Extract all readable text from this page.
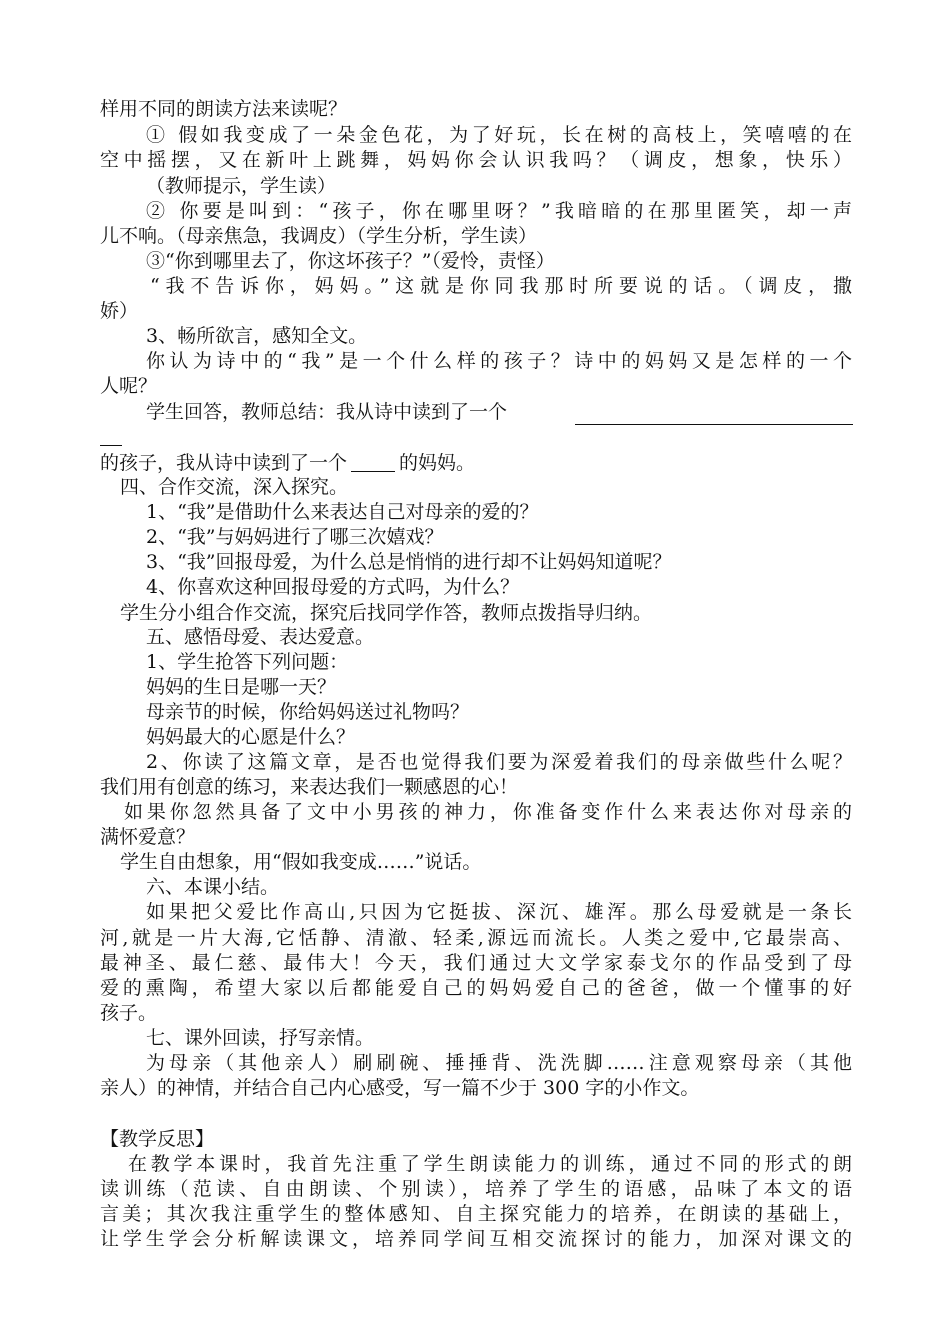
样用不同的朗读方法来读呢？
① 假如我变成了一朵金色花，为了好玩，长在树的高枝上，笑嘻嘻的在
空中摇摆，又在新叶上跳舞，妈妈你会认识我吗？（调皮，想象，快乐）
（教师提示，学生读）
② 你要是叫到：“孩子，你在哪里呀？”我暗暗的在那里匿笑，却一声
儿不响。（母亲焦急，我调皮）（学生分析，学生读）
③“你到哪里去了，你这坏孩子？”（爱怜，责怪）
“我不告诉你，妈妈。”这就是你同我那时所要说的话。（调皮，撒
娇）
3、畅所欲言，感知全文。
你认为诗中的“我”是一个什么样的孩子？诗中的妈妈又是怎样的一个
人呢？
学生回答，教师总结：我从诗中读到了一个
的孩子，我从诗中读到了一个	的妈妈。
四、合作交流，深入探究。
1、“我”是借助什么来表达自己对母亲的爱的？
2、“我”与妈妈进行了哪三次嬉戏？
3、“我”回报母爱，为什么总是悄悄的进行却不让妈妈知道呢？
4、你喜欢这种回报母爱的方式吗，为什么？
学生分小组合作交流，探究后找同学作答，教师点拨指导归纳。
五、感悟母爱、表达爱意。
1、学生抢答下列问题：
妈妈的生日是哪一天？
母亲节的时候，你给妈妈送过礼物吗？
妈妈最大的心愿是什么？
2、你读了这篇文章，是否也觉得我们要为深爱着我们的母亲做些什么呢？
我们用有创意的练习，来表达我们一颗感恩的心！
如果你忽然具备了文中小男孩的神力，你准备变作什么来表达你对母亲的
满怀爱意？
学生自由想象，用“假如我变成……”说话。
六、本课小结。
如果把父爱比作高山,只因为它挺拔、深沉、雄浑。那么母爱就是一条长
河,就是一片大海,它恬静、清澈、轻柔,源远而流长。人类之爱中,它最崇高、
最神圣、最仁慈、最伟大！今天，我们通过大文学家泰戈尔的作品受到了母
爱的熏陶，希望大家以后都能爱自己的妈妈爱自己的爸爸，做一个懂事的好
孩子。
七、课外回读，抒写亲情。
为母亲（其他亲人）刷刷碗、捶捶背、洗洗脚……注意观察母亲（其他
亲人）的神情，并结合自己内心感受，写一篇不少于 300 字的小作文。
【教学反思】
在教学本课时，我首先注重了学生朗读能力的训练，通过不同的形式的朗
读训练（范读、自由朗读、个别读），培养了学生的语感，品味了本文的语
言美；其次我注重学生的整体感知、自主探究能力的培养，在朗读的基础上，
让学生学会分析解读课文，培养同学间互相交流探讨的能力，加深对课文的
